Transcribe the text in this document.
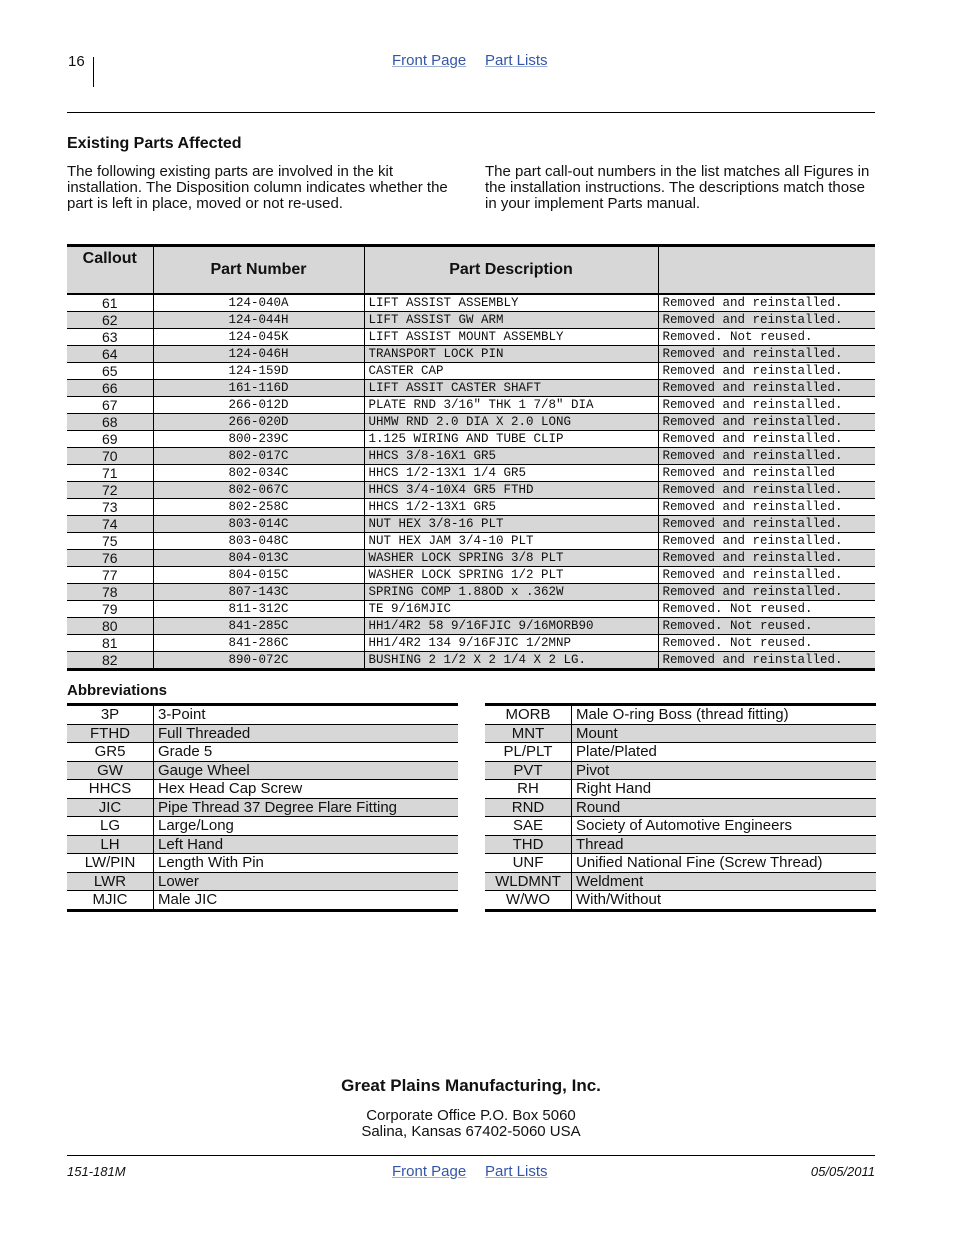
16	Front Page Part Lists
Existing Parts Affected
The following existing parts are involved in the kit installation. The Disposition column indicates whether the part is left in place, moved or not re-used.
The part call-out numbers in the list matches all Figures in the installation instructions. The descriptions match those in your implement Parts manual.
Callout	Part Number	Part Description	
61	124-040A	LIFT ASSIST ASSEMBLY	Removed and reinstalled.
62	124-044H	LIFT ASSIST GW ARM	Removed and reinstalled.
63	124-045K	LIFT ASSIST MOUNT ASSEMBLY	Removed. Not reused.
64	124-046H	TRANSPORT LOCK PIN	Removed and reinstalled.
65	124-159D	CASTER CAP	Removed and reinstalled.
66	161-116D	LIFT ASSIT CASTER SHAFT	Removed and reinstalled.
67	266-012D	PLATE RND 3/16" THK 1 7/8" DIA	Removed and reinstalled.
68	266-020D	UHMW RND 2.0 DIA X 2.0 LONG	Removed and reinstalled.
69	800-239C	1.125 WIRING AND TUBE CLIP	Removed and reinstalled.
70	802-017C	HHCS 3/8-16X1 GR5	Removed and reinstalled.
71	802-034C	HHCS 1/2-13X1 1/4 GR5	Removed and reinstalled
72	802-067C	HHCS 3/4-10X4 GR5 FTHD	Removed and reinstalled.
73	802-258C	HHCS 1/2-13X1 GR5	Removed and reinstalled.
74	803-014C	NUT HEX 3/8-16 PLT	Removed and reinstalled.
75	803-048C	NUT HEX JAM 3/4-10 PLT	Removed and reinstalled.
76	804-013C	WASHER LOCK SPRING 3/8 PLT	Removed and reinstalled.
77	804-015C	WASHER LOCK SPRING 1/2 PLT	Removed and reinstalled.
78	807-143C	SPRING COMP 1.88OD x .362W	Removed and reinstalled.
79	811-312C	TE 9/16MJIC	Removed. Not reused.
80	841-285C	HH1/4R2 58 9/16FJIC 9/16MORB90	Removed. Not reused.
81	841-286C	HH1/4R2 134 9/16FJIC 1/2MNP	Removed. Not reused.
82	890-072C	BUSHING 2 1/2 X 2 1/4 X 2 LG.	Removed and reinstalled.
Abbreviations
3P	3-Point
FTHD	Full Threaded
GR5	Grade 5
GW	Gauge Wheel
HHCS	Hex Head Cap Screw
JIC	Pipe Thread 37 Degree Flare Fitting
LG	Large/Long
LH	Left Hand
LW/PIN	Length With Pin
LWR	Lower
MJIC	Male JIC
MORB	Male O-ring Boss (thread fitting)
MNT	Mount
PL/PLT	Plate/Plated
PVT	Pivot
RH	Right Hand
RND	Round
SAE	Society of Automotive Engineers
THD	Thread
UNF	Unified National Fine (Screw Thread)
WLDMNT	Weldment
W/WO	With/Without
Great Plains Manufacturing, Inc.
Corporate Office P.O. Box 5060
Salina, Kansas 67402-5060 USA
151-181M	Front Page Part Lists	05/05/2011
